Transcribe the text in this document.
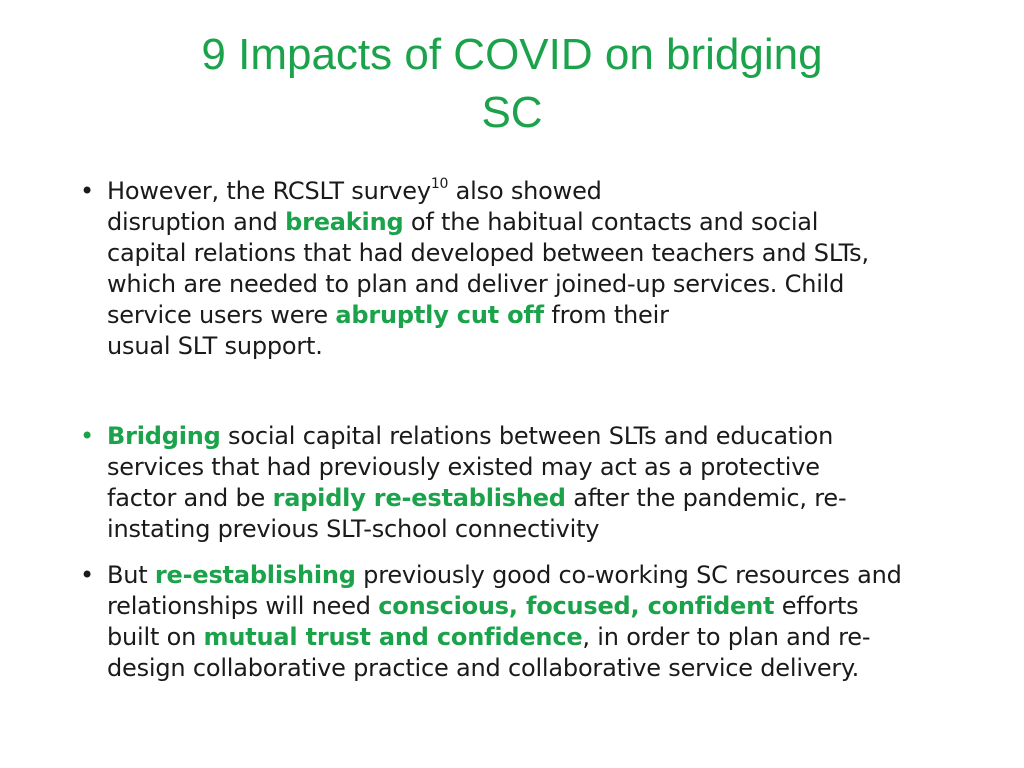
9 Impacts of COVID on bridging
SC
• However, the RCSLT survey$^{10}$ also showed
disruption and breaking of the habitual contacts and social
capital relations that had developed between teachers and SLTs,
which are needed to plan and deliver joined-up services. Child
service users were abruptly cut off from their
usual SLT support.
• Bridging social capital relations between SLTs and education
services that had previously existed may act as a protective
factor and be rapidly re-established after the pandemic, re-
instating previous SLT-school connectivity
• But re-establishing previously good co-working SC resources and
relationships will need conscious, focused, confident efforts
built on mutual trust and confidence, in order to plan and re-
design collaborative practice and collaborative service delivery.
